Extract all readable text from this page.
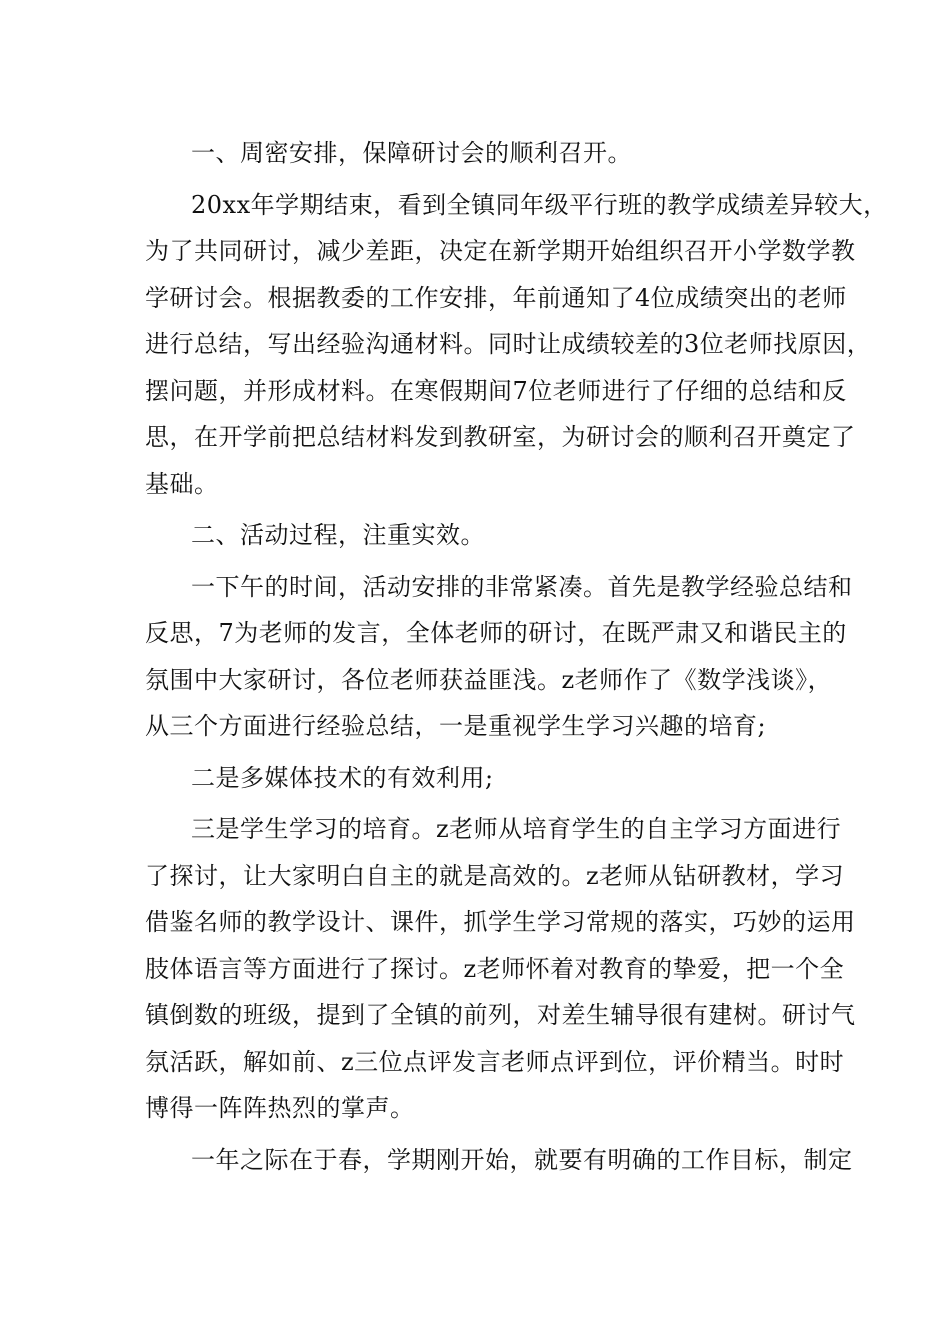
一、周密安排，保障研讨会的顺利召开。
20xx年学期结束，看到全镇同年级平行班的教学成绩差异较大，
为了共同研讨，减少差距，决定在新学期开始组织召开小学数学教
学研讨会。根据教委的工作安排，年前通知了4位成绩突出的老师
进行总结，写出经验沟通材料。同时让成绩较差的3位老师找原因，
摆问题，并形成材料。在寒假期间7位老师进行了仔细的总结和反
思，在开学前把总结材料发到教研室，为研讨会的顺利召开奠定了
基础。
二、活动过程，注重实效。
一下午的时间，活动安排的非常紧凑。首先是教学经验总结和
反思，7为老师的发言，全体老师的研讨，在既严肃又和谐民主的
氛围中大家研讨，各位老师获益匪浅。z老师作了《数学浅谈》，
从三个方面进行经验总结，一是重视学生学习兴趣的培育;
二是多媒体技术的有效利用;
三是学生学习的培育。z老师从培育学生的自主学习方面进行
了探讨，让大家明白自主的就是高效的。z老师从钻研教材，学习
借鉴名师的教学设计、课件，抓学生学习常规的落实，巧妙的运用
肢体语言等方面进行了探讨。z老师怀着对教育的挚爱，把一个全
镇倒数的班级，提到了全镇的前列，对差生辅导很有建树。研讨气
氛活跃，解如前、z三位点评发言老师点评到位，评价精当。时时
博得一阵阵热烈的掌声。
一年之际在于春，学期刚开始，就要有明确的工作目标，制定
